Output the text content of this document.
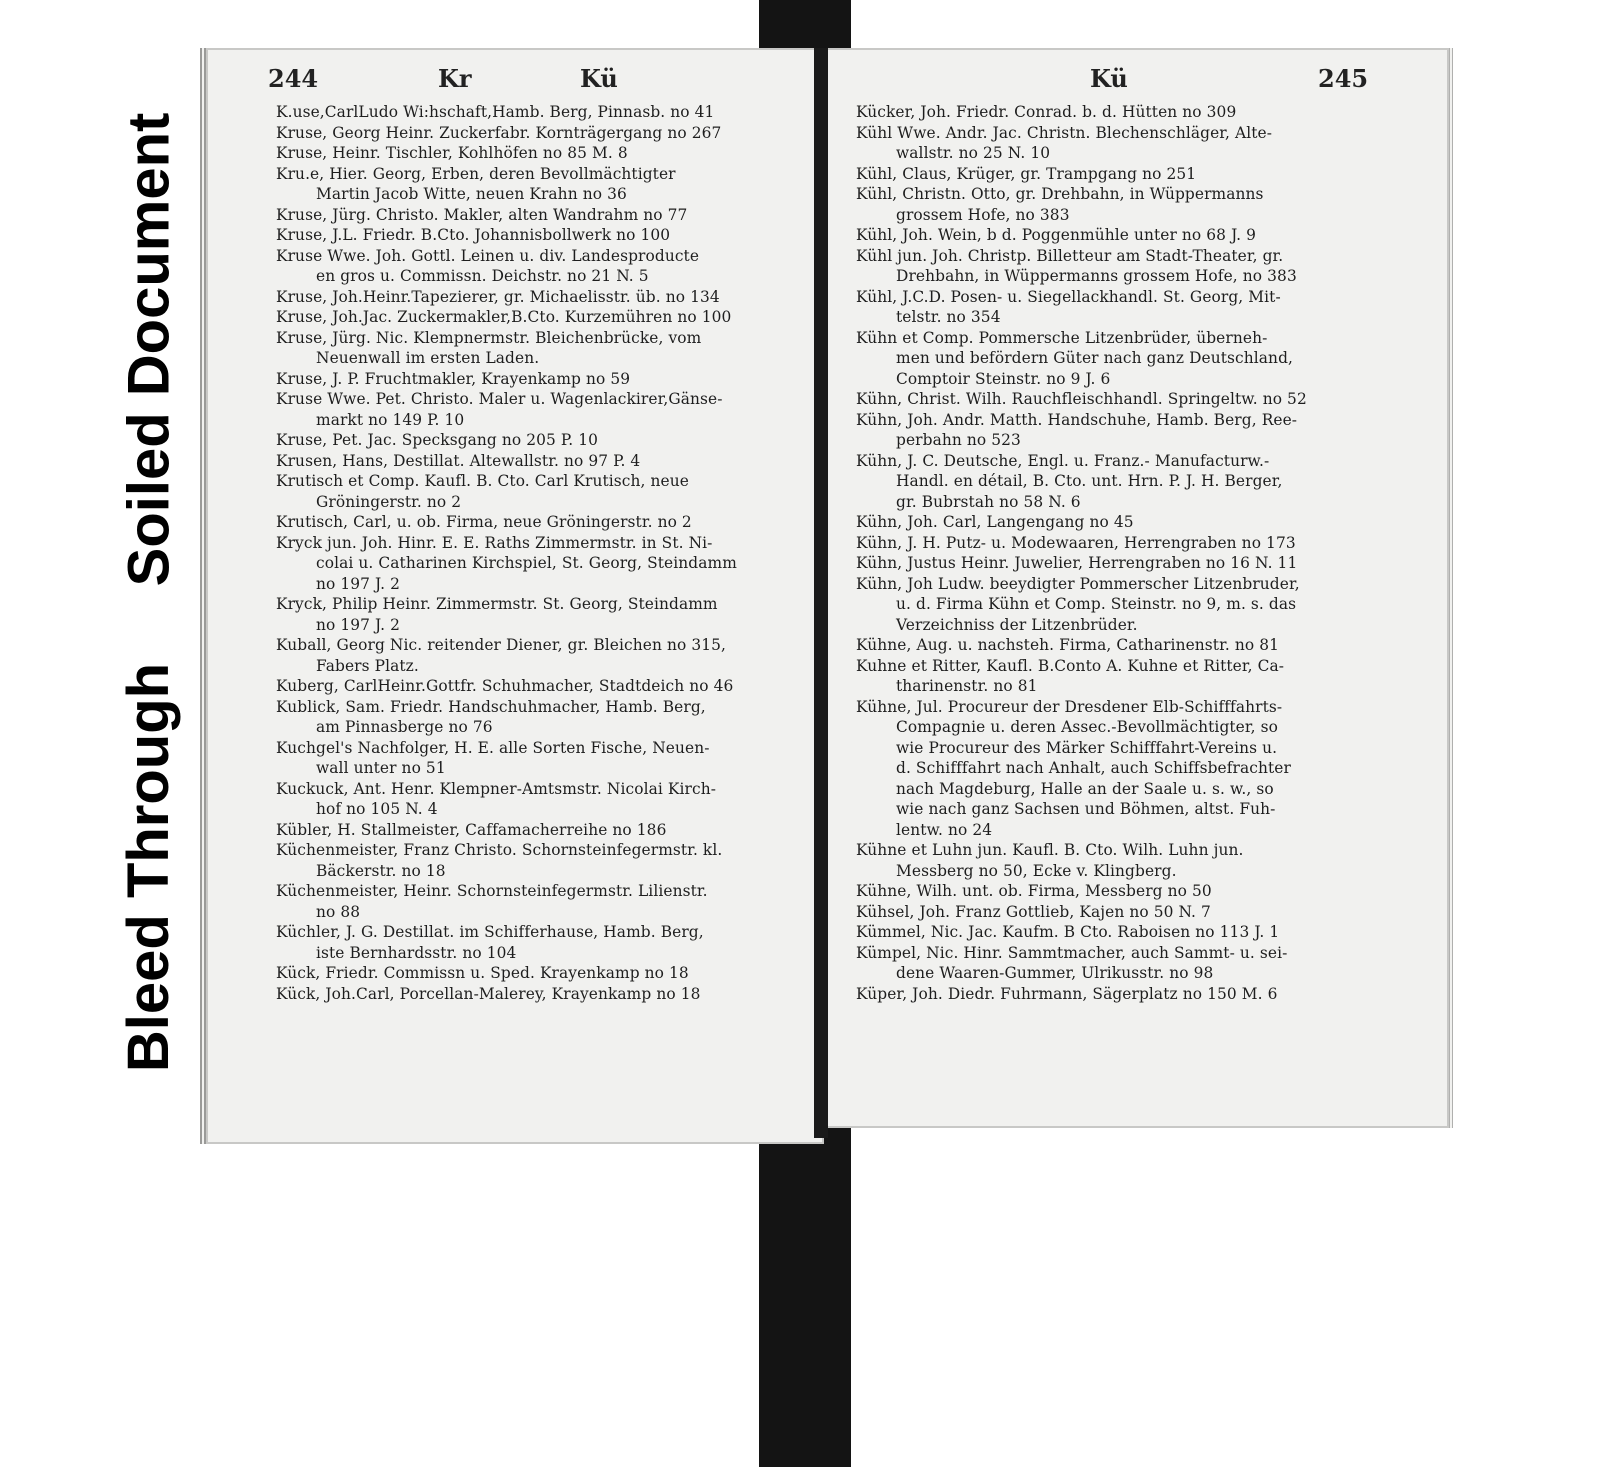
Soiled Document
Bleed Through
244	Kr	Kü	Kü	245
K.use,CarlLudo Wi:hschaft,Hamb. Berg, Pinnasb. no 41
Kruse, Georg Heinr. Zuckerfabr. Kornträgergang no 267
Kruse, Heinr. Tischler, Kohlhöfen no 85 M. 8
Kru.e, Hier. Georg, Erben, deren Bevollmächtigter
Martin Jacob Witte, neuen Krahn no 36
Kruse, Jürg. Christo. Makler, alten Wandrahm no 77
Kruse, J.L. Friedr. B.Cto. Johannisbollwerk no 100
Kruse Wwe. Joh. Gottl. Leinen u. div. Landesproducte
en gros u. Commissn. Deichstr. no 21 N. 5
Kruse, Joh.Heinr.Tapezierer, gr. Michaelisstr. üb. no 134
Kruse, Joh.Jac. Zuckermakler,B.Cto. Kurzemühren no 100
Kruse, Jürg. Nic. Klempnermstr. Bleichenbrücke, vom
Neuenwall im ersten Laden.
Kruse, J. P. Fruchtmakler, Krayenkamp no 59
Kruse Wwe. Pet. Christo. Maler u. Wagenlackirer,Gänse-
markt no 149 P. 10
Kruse, Pet. Jac. Specksgang no 205 P. 10
Krusen, Hans, Destillat. Altewallstr. no 97 P. 4
Krutisch et Comp. Kaufl. B. Cto. Carl Krutisch, neue
Gröningerstr. no 2
Krutisch, Carl, u. ob. Firma, neue Gröningerstr. no 2
Kryck jun. Joh. Hinr. E. E. Raths Zimmermstr. in St. Ni-
colai u. Catharinen Kirchspiel, St. Georg, Steindamm
no 197 J. 2
Kryck, Philip Heinr. Zimmermstr. St. Georg, Steindamm
no 197 J. 2
Kuball, Georg Nic. reitender Diener, gr. Bleichen no 315,
Fabers Platz.
Kuberg, CarlHeinr.Gottfr. Schuhmacher, Stadtdeich no 46
Kublick, Sam. Friedr. Handschuhmacher, Hamb. Berg,
am Pinnasberge no 76
Kuchgel's Nachfolger, H. E. alle Sorten Fische, Neuen-
wall unter no 51
Kuckuck, Ant. Henr. Klempner-Amtsmstr. Nicolai Kirch-
hof no 105 N. 4
Kübler, H. Stallmeister, Caffamacherreihe no 186
Küchenmeister, Franz Christo. Schornsteinfegermstr. kl.
Bäckerstr. no 18
Küchenmeister, Heinr. Schornsteinfegermstr. Lilienstr.
no 88
Küchler, J. G. Destillat. im Schifferhause, Hamb. Berg,
iste Bernhardsstr. no 104
Kück, Friedr. Commissn u. Sped. Krayenkamp no 18
Kück, Joh.Carl, Porcellan-Malerey, Krayenkamp no 18
Kücker, Joh. Friedr. Conrad. b. d. Hütten no 309
Kühl Wwe. Andr. Jac. Christn. Blechenschläger, Alte-
wallstr. no 25 N. 10
Kühl, Claus, Krüger, gr. Trampgang no 251
Kühl, Christn. Otto, gr. Drehbahn, in Wüppermanns
grossem Hofe, no 383
Kühl, Joh. Wein, b d. Poggenmühle unter no 68 J. 9
Kühl jun. Joh. Christp. Billetteur am Stadt-Theater, gr.
Drehbahn, in Wüppermanns grossem Hofe, no 383
Kühl, J.C.D. Posen- u. Siegellackhandl. St. Georg, Mit-
telstr. no 354
Kühn et Comp. Pommersche Litzenbrüder, überneh-
men und befördern Güter nach ganz Deutschland,
Comptoir Steinstr. no 9 J. 6
Kühn, Christ. Wilh. Rauchfleischhandl. Springeltw. no 52
Kühn, Joh. Andr. Matth. Handschuhe, Hamb. Berg, Ree-
perbahn no 523
Kühn, J. C. Deutsche, Engl. u. Franz.- Manufacturw.-
Handl. en détail, B. Cto. unt. Hrn. P. J. H. Berger,
gr. Bubrstah no 58 N. 6
Kühn, Joh. Carl, Langengang no 45
Kühn, J. H. Putz- u. Modewaaren, Herrengraben no 173
Kühn, Justus Heinr. Juwelier, Herrengraben no 16 N. 11
Kühn, Joh Ludw. beeydigter Pommerscher Litzenbruder,
u. d. Firma Kühn et Comp. Steinstr. no 9, m. s. das
Verzeichniss der Litzenbrüder.
Kühne, Aug. u. nachsteh. Firma, Catharinenstr. no 81
Kuhne et Ritter, Kaufl. B.Conto A. Kuhne et Ritter, Ca-
tharinenstr. no 81
Kühne, Jul. Procureur der Dresdener Elb-Schifffahrts-
Compagnie u. deren Assec.-Bevollmächtigter, so
wie Procureur des Märker Schifffahrt-Vereins u.
d. Schifffahrt nach Anhalt, auch Schiffsbefrachter
nach Magdeburg, Halle an der Saale u. s. w., so
wie nach ganz Sachsen und Böhmen, altst. Fuh-
lentw. no 24
Kühne et Luhn jun. Kaufl. B. Cto. Wilh. Luhn jun.
Messberg no 50, Ecke v. Klingberg.
Kühne, Wilh. unt. ob. Firma, Messberg no 50
Kühsel, Joh. Franz Gottlieb, Kajen no 50 N. 7
Kümmel, Nic. Jac. Kaufm. B Cto. Raboisen no 113 J. 1
Kümpel, Nic. Hinr. Sammtmacher, auch Sammt- u. sei-
dene Waaren-Gummer, Ulrikusstr. no 98
Küper, Joh. Diedr. Fuhrmann, Sägerplatz no 150 M. 6
